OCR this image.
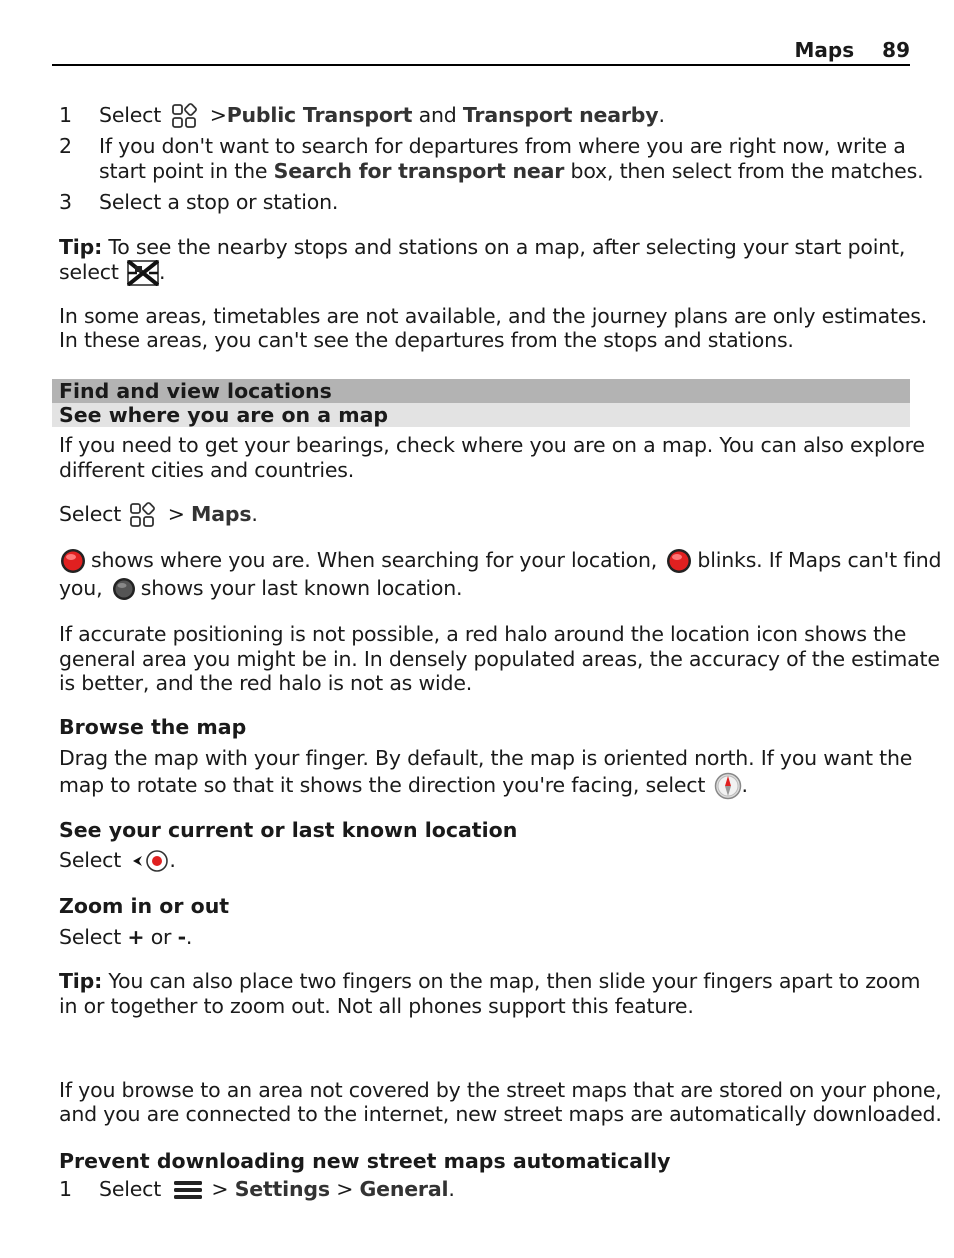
Maps 89
1 Select >Public Transport and Transport nearby.
2 If you don't want to search for departures from where you are right now, write a
start point in the Search for transport near box, then select from the matches.
3 Select a stop or station.
Tip: To see the nearby stops and stations on a map, after selecting your start point,
select .
In some areas, timetables are not available, and the journey plans are only estimates.
In these areas, you can't see the departures from the stops and stations.
Find and view locations
See where you are on a map
If you need to get your bearings, check where you are on a map. You can also explore
different cities and countries.
Select > Maps.
shows where you are. When searching for your location, blinks. If Maps can't find
you, shows your last known location.
If accurate positioning is not possible, a red halo around the location icon shows the
general area you might be in. In densely populated areas, the accuracy of the estimate
is better, and the red halo is not as wide.
Browse the map
Drag the map with your finger. By default, the map is oriented north. If you want the
map to rotate so that it shows the direction you're facing, select .
See your current or last known location
Select .
Zoom in or out
Select + or -.
Tip: You can also place two fingers on the map, then slide your fingers apart to zoom
in or together to zoom out. Not all phones support this feature.
If you browse to an area not covered by the street maps that are stored on your phone,
and you are connected to the internet, new street maps are automatically downloaded.
Prevent downloading new street maps automatically
1 Select > Settings > General.
